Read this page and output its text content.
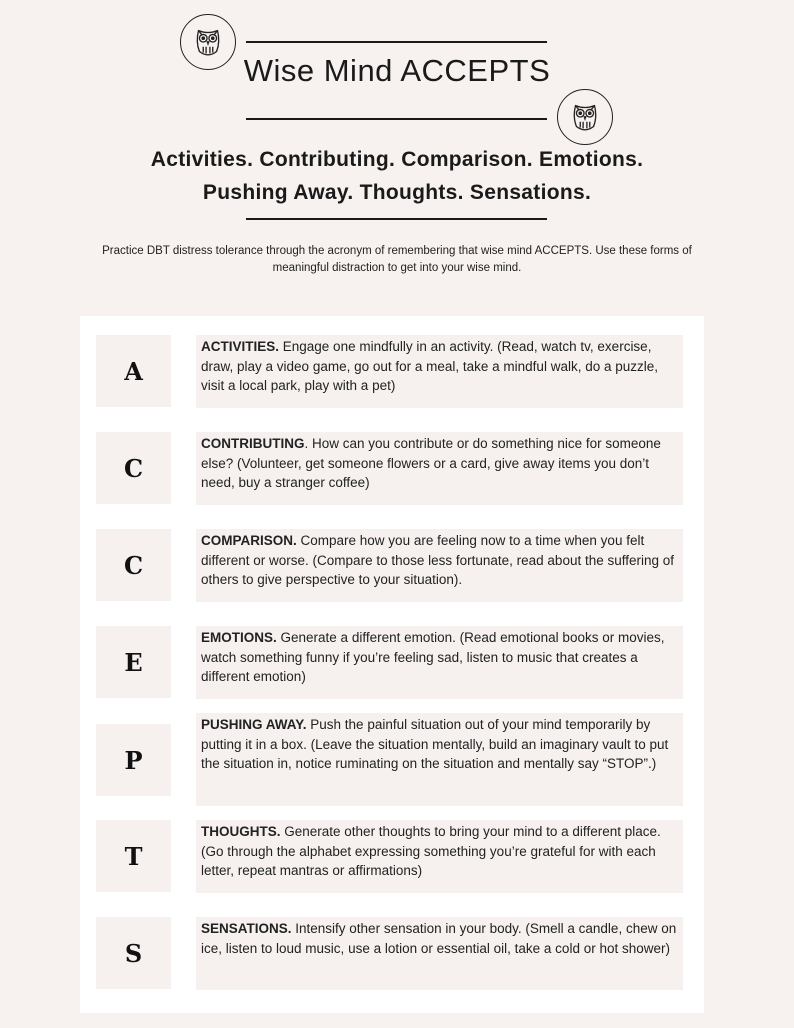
Wise Mind ACCEPTS
Activities. Contributing. Comparison. Emotions.
Pushing Away. Thoughts. Sensations.

Practice DBT distress tolerance through the acronym of remembering that wise mind ACCEPTS. Use these forms of meaningful distraction to get into your wise mind.

A
ACTIVITIES. Engage one mindfully in an activity. (Read, watch tv, exercise, draw, play a video game, go out for a meal, take a mindful walk, do a puzzle, visit a local park, play with a pet)
C
CONTRIBUTING. How can you contribute or do something nice for someone else? (Volunteer, get someone flowers or a card, give away items you don’t need, buy a stranger coffee)
C
COMPARISON. Compare how you are feeling now to a time when you felt different or worse. (Compare to those less fortunate, read about the suffering of others to give perspective to your situation).
E
EMOTIONS. Generate a different emotion. (Read emotional books or movies, watch something funny if you’re feeling sad, listen to music that creates a different emotion)
P
PUSHING AWAY. Push the painful situation out of your mind temporarily by putting it in a box. (Leave the situation mentally, build an imaginary vault to put the situation in, notice ruminating on the situation and mentally say “STOP”.)
T
THOUGHTS. Generate other thoughts to bring your mind to a different place. (Go through the alphabet expressing something you’re grateful for with each letter, repeat mantras or affirmations)
S
SENSATIONS. Intensify other sensation in your body. (Smell a candle, chew on ice, listen to loud music, use a lotion or essential oil, take a cold or hot shower)
